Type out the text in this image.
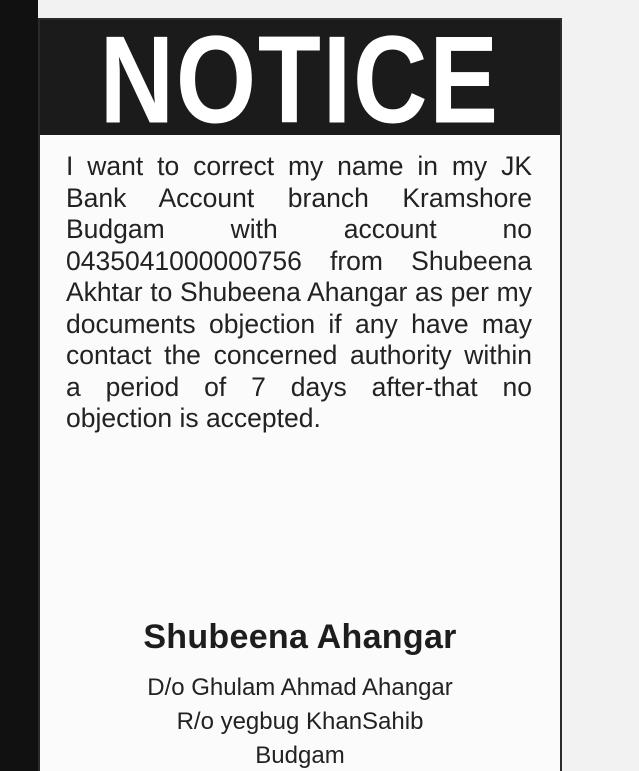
NOTICE

I want to correct my name in my JK Bank Account branch Kramshore Budgam with account no 0435041000000756 from Shubeena Akhtar to Shubeena Ahangar as per my documents objection if any have may contact the concerned authority within a period of 7 days after-that no objection is accepted.

Shubeena Ahangar
D/o Ghulam Ahmad Ahangar
R/o yegbug KhanSahib
Budgam
